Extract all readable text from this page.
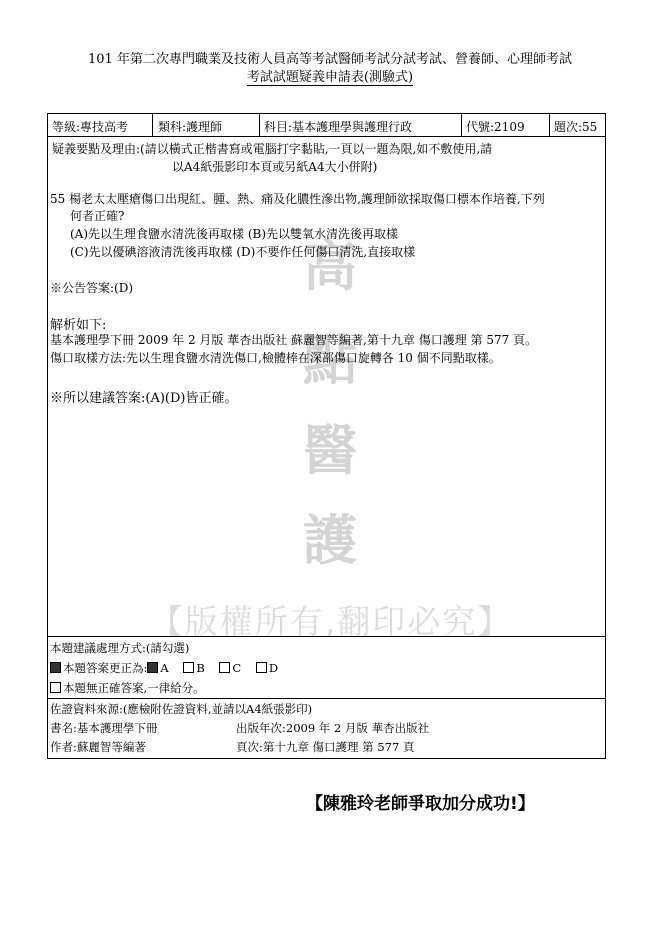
101 年第二次專門職業及技術人員高等考試醫師考試分試考試、營養師、心理師考試
考試試題疑義申請表(測驗式)
高
點
醫
護
【版權所有,翻印必究】
等級:專技高考 類科:護理師	科目:基本護理學與護理行政	代號:2109 題次:55
疑義要點及理由:(請以橫式正楷書寫或電腦打字黏貼,一頁以一題為限,如不敷使用,請
以A4紙張影印本頁或另紙A4大小併附)
55 楊老太太壓瘡傷口出現紅、腫、熱、痛及化膿性滲出物,護理師欲採取傷口標本作培養,下列
何者正確?
(A)先以生理食鹽水清洗後再取樣 (B)先以雙氧水清洗後再取樣
(C)先以優碘溶液清洗後再取樣 (D)不要作任何傷口清洗,直接取樣
※公告答案:(D)
解析如下:
基本護理學下冊 2009 年 2 月版 華杏出版社 蘇麗智等編著,第十九章 傷口護理 第 577 頁。
傷口取樣方法:先以生理食鹽水清洗傷口,檢體棒在深部傷口旋轉各 10 個不同點取樣。
※所以建議答案:(A)(D)皆正確。
本題建議處理方式:(請勾選)
本題答案更正為: A B C D
本題無正確答案,一律給分。
佐證資料來源:(應檢附佐證資料,並請以A4紙張影印)
書名:基本護理學下冊	出版年次:2009 年 2 月版 華杏出版社
作者:蘇麗智等編著	頁次:第十九章 傷口護理 第 577 頁
【陳雅玲老師爭取加分成功!】
